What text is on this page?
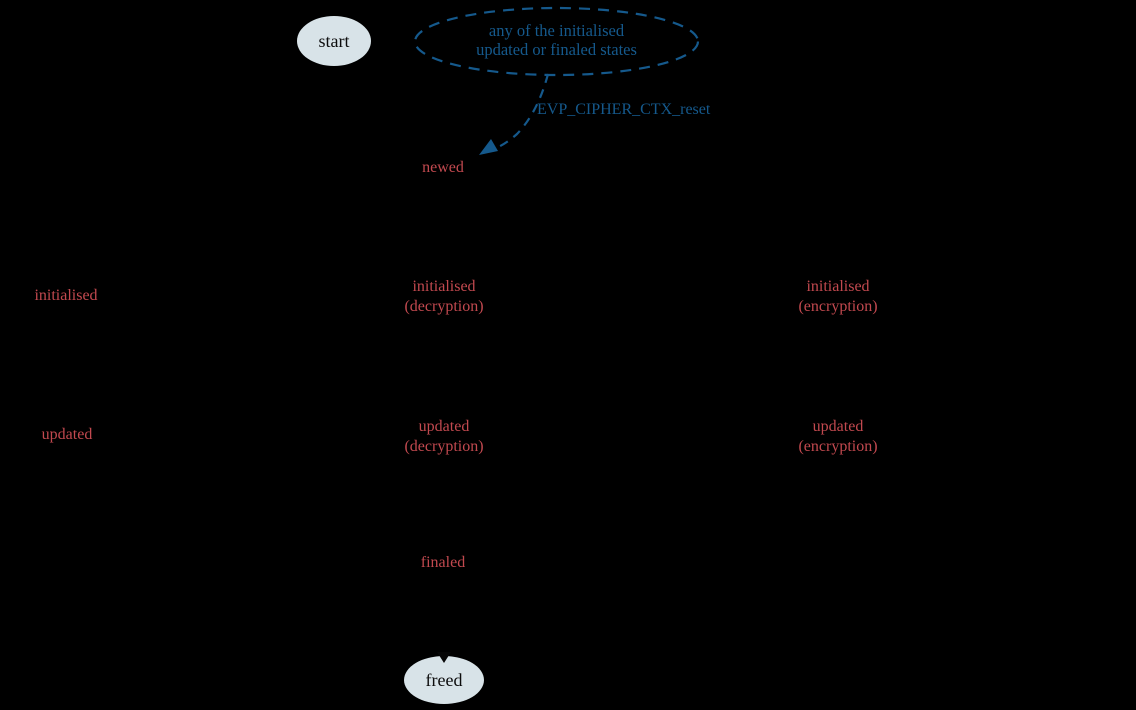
start
freed
any of the initialised
updated or finaled states
EVP_CIPHER_CTX_reset
newed
initialised
initialised
(decryption)
initialised
(encryption)
updated	updated
(decryption)
updated
(encryption)
finaled
